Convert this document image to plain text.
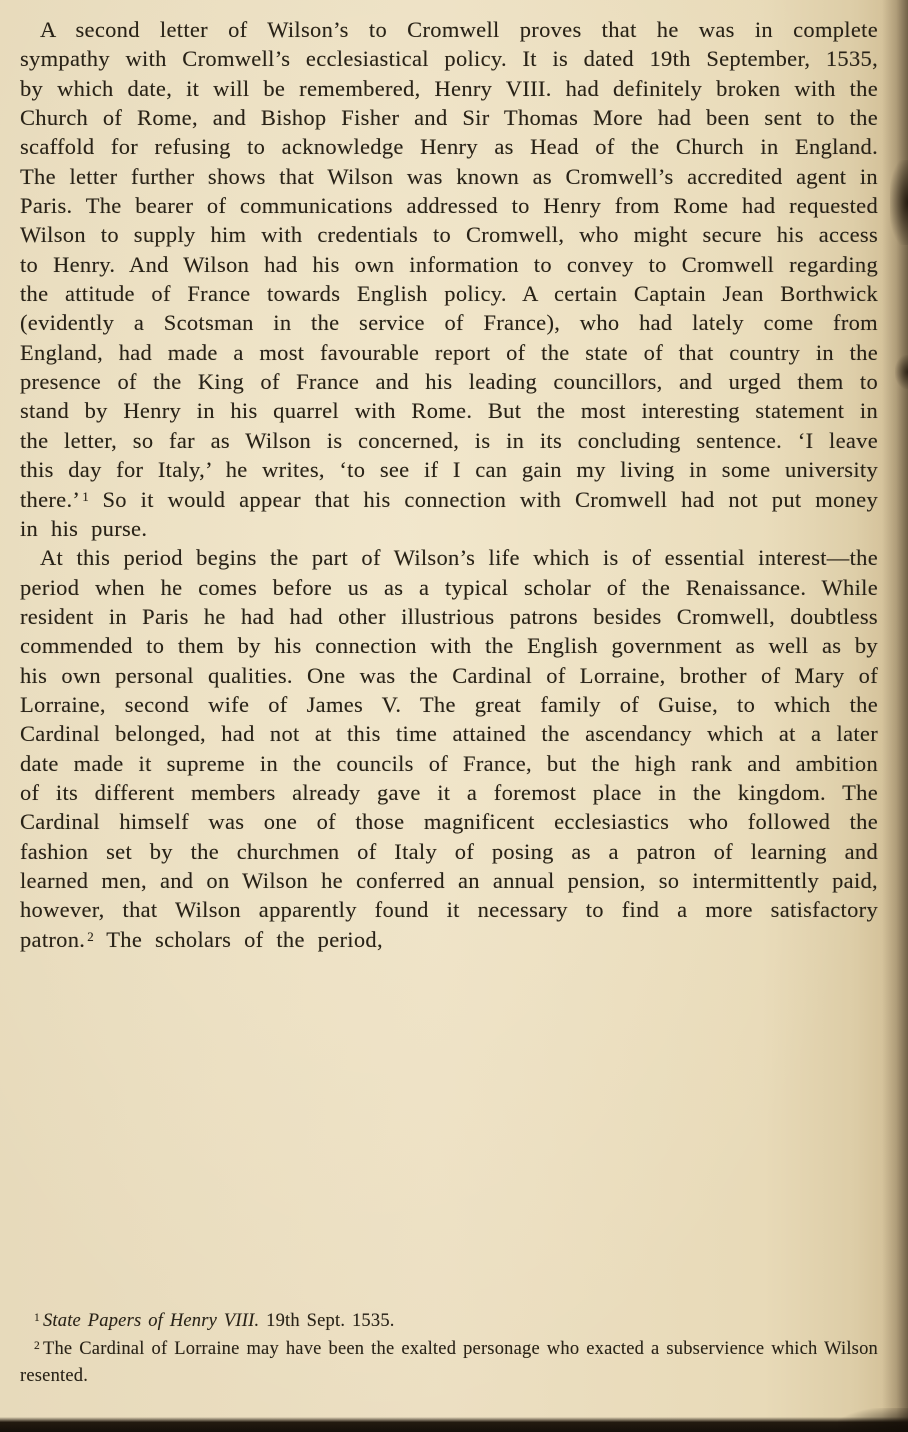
A second letter of Wilson’s to Cromwell proves that he was in complete sympathy with Cromwell’s ecclesiastical policy. It is dated 19th September, 1535, by which date, it will be remembered, Henry VIII. had definitely broken with the Church of Rome, and Bishop Fisher and Sir Thomas More had been sent to the scaffold for refusing to acknowledge Henry as Head of the Church in England. The letter further shows that Wilson was known as Cromwell’s accredited agent in Paris. The bearer of communications addressed to Henry from Rome had requested Wilson to supply him with credentials to Cromwell, who might secure his access to Henry. And Wilson had his own information to convey to Cromwell regarding the attitude of France towards English policy. A certain Captain Jean Borthwick (evidently a Scotsman in the service of France), who had lately come from England, had made a most favourable report of the state of that country in the presence of the King of France and his leading councillors, and urged them to stand by Henry in his quarrel with Rome. But the most interesting statement in the letter, so far as Wilson is concerned, is in its concluding sentence. ‘I leave this day for Italy,’ he writes, ‘to see if I can gain my living in some university there.’ $^1$ So it would appear that his connection with Cromwell had not put money in his purse.

At this period begins the part of Wilson’s life which is of essential interest—the period when he comes before us as a typical scholar of the Renaissance. While resident in Paris he had had other illustrious patrons besides Cromwell, doubtless commended to them by his connection with the English government as well as by his own personal qualities. One was the Cardinal of Lorraine, brother of Mary of Lorraine, second wife of James V. The great family of Guise, to which the Cardinal belonged, had not at this time attained the ascendancy which at a later date made it supreme in the councils of France, but the high rank and ambition of its different members already gave it a foremost place in the kingdom. The Cardinal himself was one of those magnificent ecclesiastics who followed the fashion set by the churchmen of Italy of posing as a patron of learning and learned men, and on Wilson he conferred an annual pension, so intermittently paid, however, that Wilson apparently found it necessary to find a more satisfactory patron. $^2$ The scholars of the period,

$^1$ State Papers of Henry VIII. 19th Sept. 1535.

$^2$ The Cardinal of Lorraine may have been the exalted personage who exacted a subservience which Wilson resented.
